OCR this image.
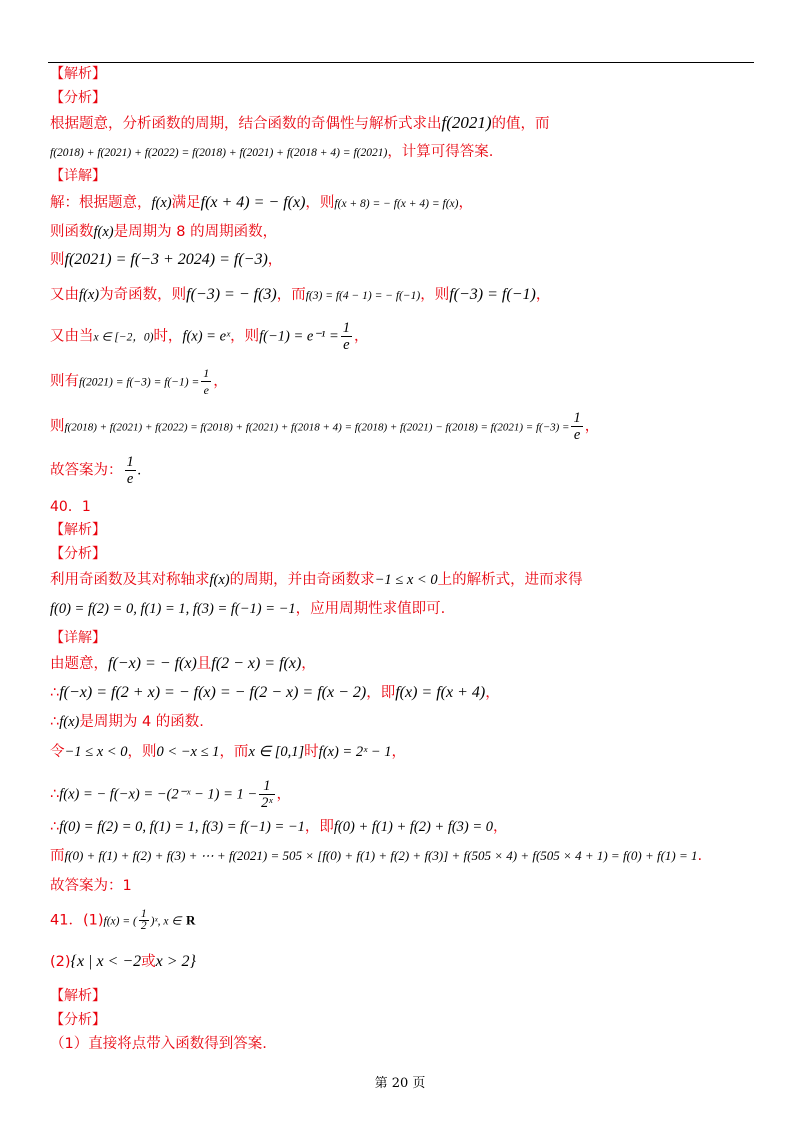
【解析】
【分析】
根据题意，分析函数的周期，结合函数的奇偶性与解析式求出f(2021)的值，而
f(2018) + f(2021) + f(2022) = f(2018) + f(2021) + f(2018 + 4) = f(2021)，计算可得答案.
【详解】
解：根据题意，f(x)满足f(x + 4) = − f(x)，则f(x + 8) = − f(x + 4) = f(x)，
则函数f(x)是周期为 8 的周期函数，
则f(2021) = f(−3 + 2024) = f(−3)，
又由f(x)为奇函数，则f(−3) = − f(3)，而f(3) = f(4 − 1) = − f(−1)，则f(−3) = f(−1)，
又由当x ∈ [−2，0)时，f(x) = eˣ，则$f(-1) = e^{-1} = \frac{1}{e}$ ，
则有$f(2021) = f(-3) = f(-1) = \frac{1}{e}$ ，
则$f(2018) + f(2021) + f(2022) = f(2018) + f(2021) + f(2018 + 4) = f(2018) + f(2021) - f(2018) = f(2021) = f(-3) = \frac{1}{e}$ ，
故答案为： $\frac{1}{e}$ .
40．1
【解析】
【分析】
利用奇函数及其对称轴求f(x)的周期，并由奇函数求−1 ≤ x < 0上的解析式，进而求得
f(0) = f(2) = 0, f(1) = 1, f(3) = f(−1) = −1，应用周期性求值即可.
【详解】
由题意，f(−x) = − f(x)且f(2 − x) = f(x)，
∴f(−x) = f(2 + x) = − f(x) = − f(2 − x) = f(x − 2)，即f(x) = f(x + 4)，
∴f(x)是周期为 4 的函数.
令−1 ≤ x < 0，则0 < −x ≤ 1，而x ∈ [0,1]时f(x) = 2ˣ − 1，
∴f(x) = − f(−x) = −(2⁻ˣ − $1) = 1 - \frac{1}{\text{2ˣ}}$ ，
∴f(0) = f(2) = 0, f(1) = 1, f(3) = f(−1) = −1，即f(0) + f(1) + f(2) + f(3) = 0，
而f(0) + f(1) + f(2) + f(3) + ⋯ + f(2021) = 505 × [f(0) + f(1) + f(2) + f(3)] + f(505 × 4) + f(505 × 4 + 1) = f(0) + f(1) = 1.
故答案为：1
41．(1)f(x) = ( $\frac{1}{2}$ )ˣ, x ∈ R
(2){x | x < −2或x > 2}
【解析】
【分析】
（1）直接将点带入函数得到答案.
第 20 页
